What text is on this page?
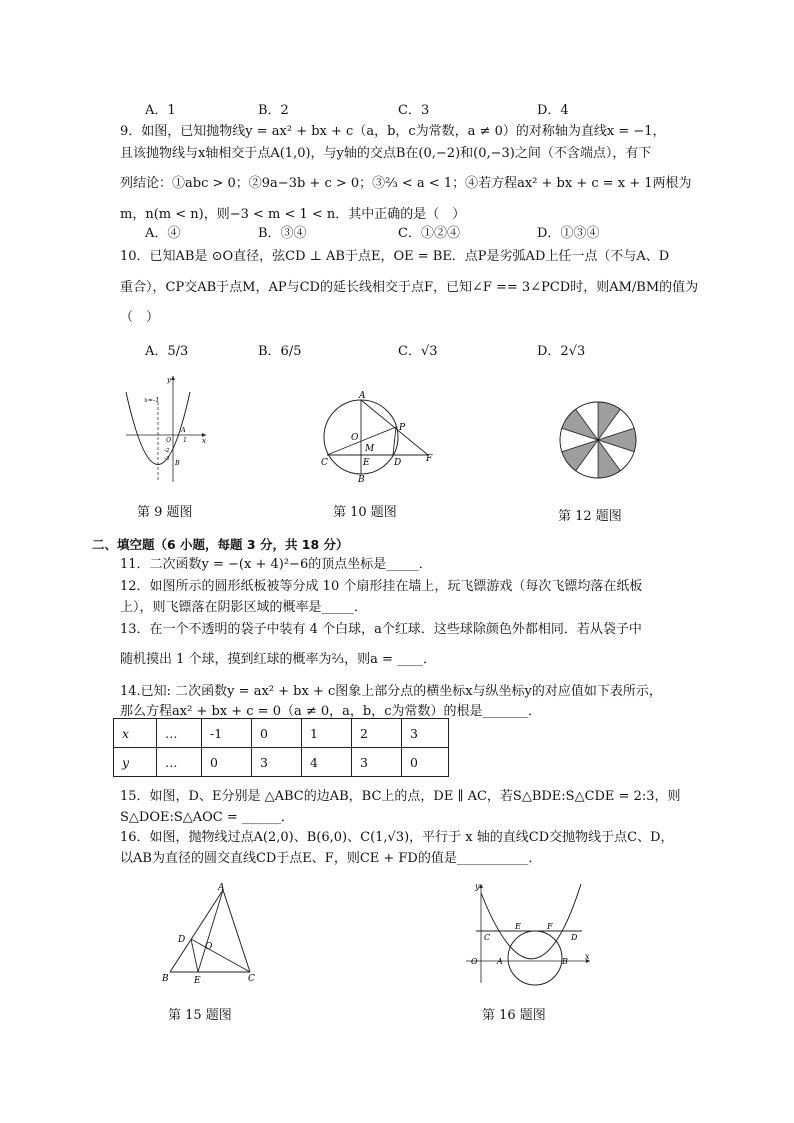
A．1	B．2	C．3	D．4
9．如图，已知抛物线y = ax² + bx + c（a，b，c为常数，a ≠ 0）的对称轴为直线x = −1，
且该抛物线与x轴相交于点A(1,0)，与y轴的交点B在(0,−2)和(0,−3)之间（不含端点），有下
列结论：①abc > 0；②9a−3b + c > 0；③⅔ < a < 1；④若方程ax² + bx + c = x + 1两根为
m，n(m < n)，则−3 < m < 1 < n．其中正确的是（　）
A．④	B．③④	C．①②④	D．①③④
10．已知AB是 ⊙O直径，弦CD ⊥ AB于点E，OE = BE．点P是劣弧AD上任一点（不与A、D
重合），CP交AB于点M，AP与CD的延长线相交于点F，已知∠F == 3∠PCD时，则AM/BM的值为
（　）
A．5/3	B．6/5	C．√3	D．2√3
x=-1
y
x
A
O 1
-2
-3 B
A
P
O
M
C	E	D	F
B
第 9 题图	第 10 题图	第 12 题图
二、填空题（6 小题，每题 3 分，共 18 分）
11．二次函数y = −(x + 4)²−6的顶点坐标是_____．
12．如图所示的圆形纸板被等分成 10 个扇形挂在墙上，玩飞镖游戏（每次飞镖均落在纸板
上），则飞镖落在阴影区域的概率是_____．
13．在一个不透明的袋子中装有 4 个白球，a个红球．这些球除颜色外都相同．若从袋子中
随机摸出 1 个球，摸到红球的概率为⅔，则a = ____．
14.已知: 二次函数y = ax² + bx + c图象上部分点的横坐标x与纵坐标y的对应值如下表所示，
那么方程ax² + bx + c = 0（a ≠ 0，a，b，c为常数）的根是_______．
x	…	-1	0	1	2	3
y	…	0	3	4	3	0
15．如图，D、E分别是 △ABC的边AB，BC上的点，DE ∥ AC，若S△BDE:S△CDE = 2:3，则
S△DOE:S△AOC = ______．
16．如图，抛物线过点A(2,0)、B(6,0)、C(1,√3)，平行于 x 轴的直线CD交抛物线于点C、D，
以AB为直径的圆交直线CD于点E、F，则CE + FD的值是___________．
A
D
O
B	E	C
y
x
O A	B
C	D
E	F
第 15 题图	第 16 题图
